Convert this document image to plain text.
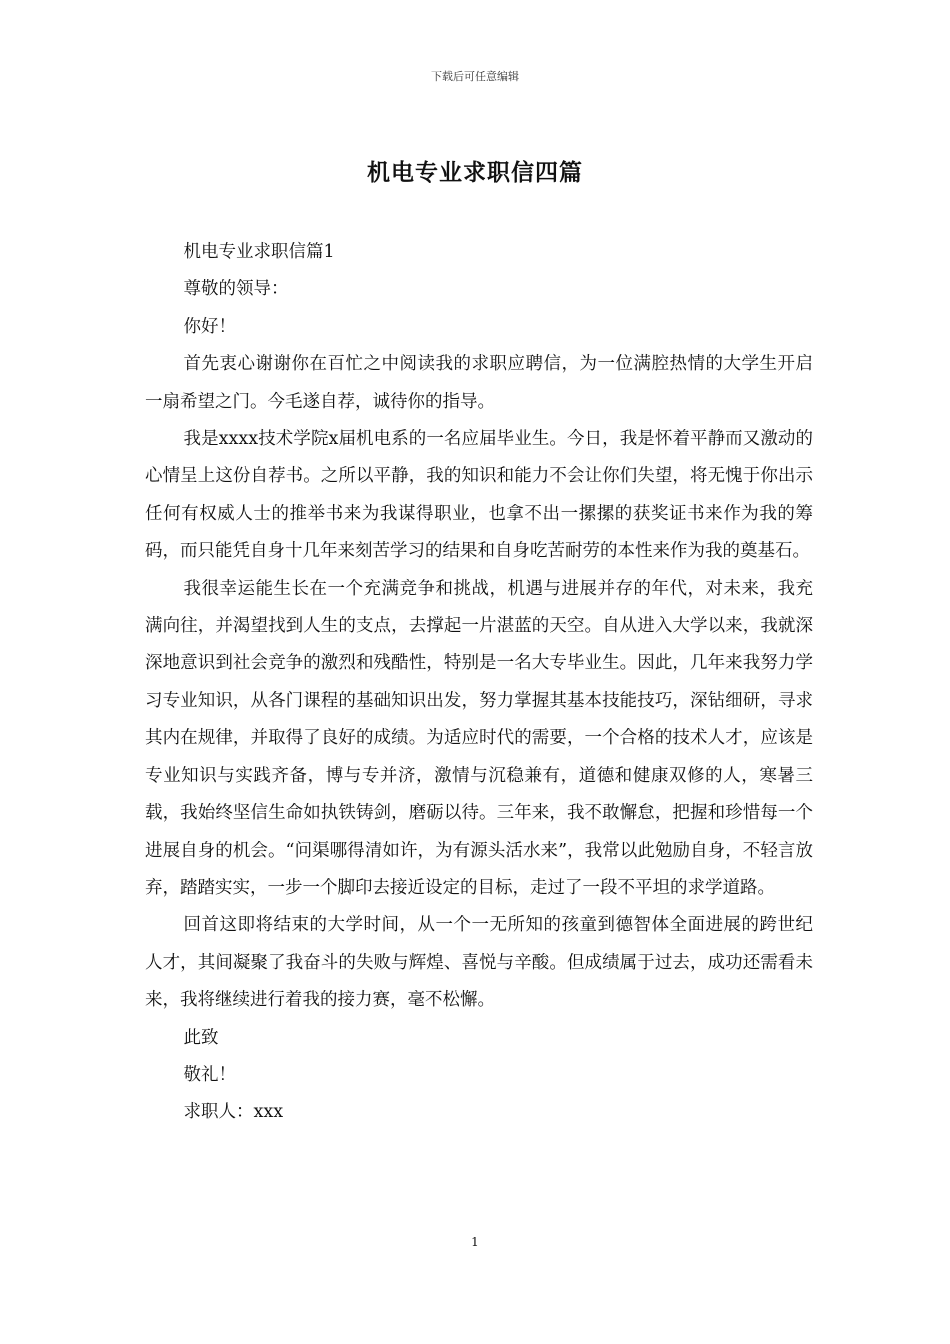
下载后可任意编辑
机电专业求职信四篇

机电专业求职信篇1

尊敬的领导：

你好！

首先衷心谢谢你在百忙之中阅读我的求职应聘信，为一位满腔热情的大学生开启一扇希望之门。今毛遂自荐，诚待你的指导。

我是xxxx技术学院x届机电系的一名应届毕业生。今日，我是怀着平静而又激动的心情呈上这份自荐书。之所以平静，我的知识和能力不会让你们失望，将无愧于你出示任何有权威人士的推举书来为我谋得职业，也拿不出一摞摞的获奖证书来作为我的筹码，而只能凭自身十几年来刻苦学习的结果和自身吃苦耐劳的本性来作为我的奠基石。

我很幸运能生长在一个充满竞争和挑战，机遇与进展并存的年代，对未来，我充满向往，并渴望找到人生的支点，去撑起一片湛蓝的天空。自从进入大学以来，我就深深地意识到社会竞争的激烈和残酷性，特别是一名大专毕业生。因此，几年来我努力学习专业知识，从各门课程的基础知识出发，努力掌握其基本技能技巧，深钻细研，寻求其内在规律，并取得了良好的成绩。为适应时代的需要，一个合格的技术人才，应该是专业知识与实践齐备，博与专并济，激情与沉稳兼有，道德和健康双修的人，寒暑三载，我始终坚信生命如执铁铸剑，磨砺以待。三年来，我不敢懈怠，把握和珍惜每一个进展自身的机会。“问渠哪得清如许，为有源头活水来”，我常以此勉励自身，不轻言放弃，踏踏实实，一步一个脚印去接近设定的目标，走过了一段不平坦的求学道路。

回首这即将结束的大学时间，从一个一无所知的孩童到德智体全面进展的跨世纪人才，其间凝聚了我奋斗的失败与辉煌、喜悦与辛酸。但成绩属于过去，成功还需看未来，我将继续进行着我的接力赛，毫不松懈。

此致

敬礼！

求职人：xxx

1
